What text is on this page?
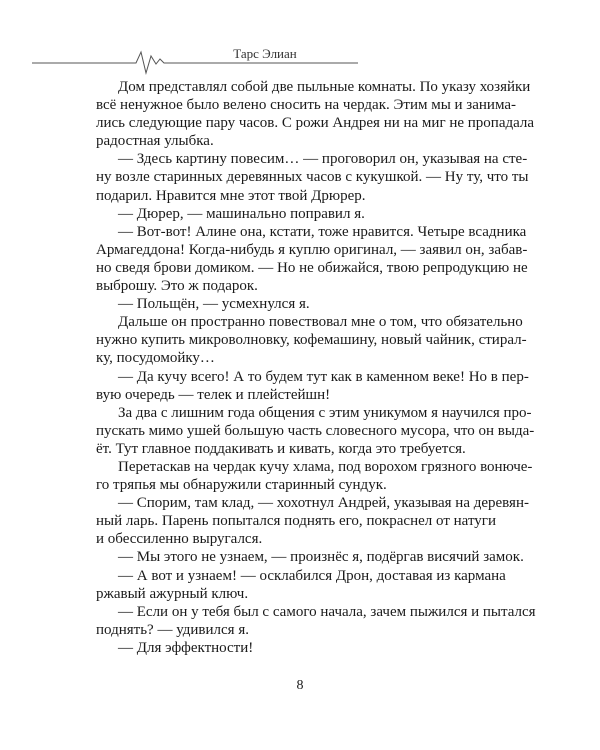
Тарс Элиан
Дом представлял собой две пыльные комнаты. По указу хозяйки
всё ненужное было велено сносить на чердак. Этим мы и занима-
лись следующие пару часов. С рожи Андрея ни на миг не пропадала
радостная улыбка.
— Здесь картину повесим… — проговорил он, указывая на сте-
ну возле старинных деревянных часов с кукушкой. — Ну ту, что ты
подарил. Нравится мне этот твой Дрюрер.
— Дюрер, — машинально поправил я.
— Вот-вот! Алине она, кстати, тоже нравится. Четыре всадника
Армагеддона! Когда-нибудь я куплю оригинал, — заявил он, забав-
но сведя брови домиком. — Но не обижайся, твою репродукцию не
выброшу. Это ж подарок.
— Польщён, — усмехнулся я.
Дальше он пространно повествовал мне о том, что обязательно
нужно купить микроволновку, кофемашину, новый чайник, стирал-
ку, посудомойку…
— Да кучу всего! А то будем тут как в каменном веке! Но в пер-
вую очередь — телек и плейстейшн!
За два с лишним года общения с этим уникумом я научился про-
пускать мимо ушей большую часть словесного мусора, что он выда-
ёт. Тут главное поддакивать и кивать, когда это требуется.
Перетаскав на чердак кучу хлама, под ворохом грязного вонюче-
го тряпья мы обнаружили старинный сундук.
— Спорим, там клад, — хохотнул Андрей, указывая на деревян-
ный ларь. Парень попытался поднять его, покраснел от натуги
и обессиленно выругался.
— Мы этого не узнаем, — произнёс я, подёргав висячий замок.
— А вот и узнаем! — осклабился Дрон, доставая из кармана
ржавый ажурный ключ.
— Если он у тебя был с самого начала, зачем пыжился и пытался
поднять? — удивился я.
— Для эффектности!
8
